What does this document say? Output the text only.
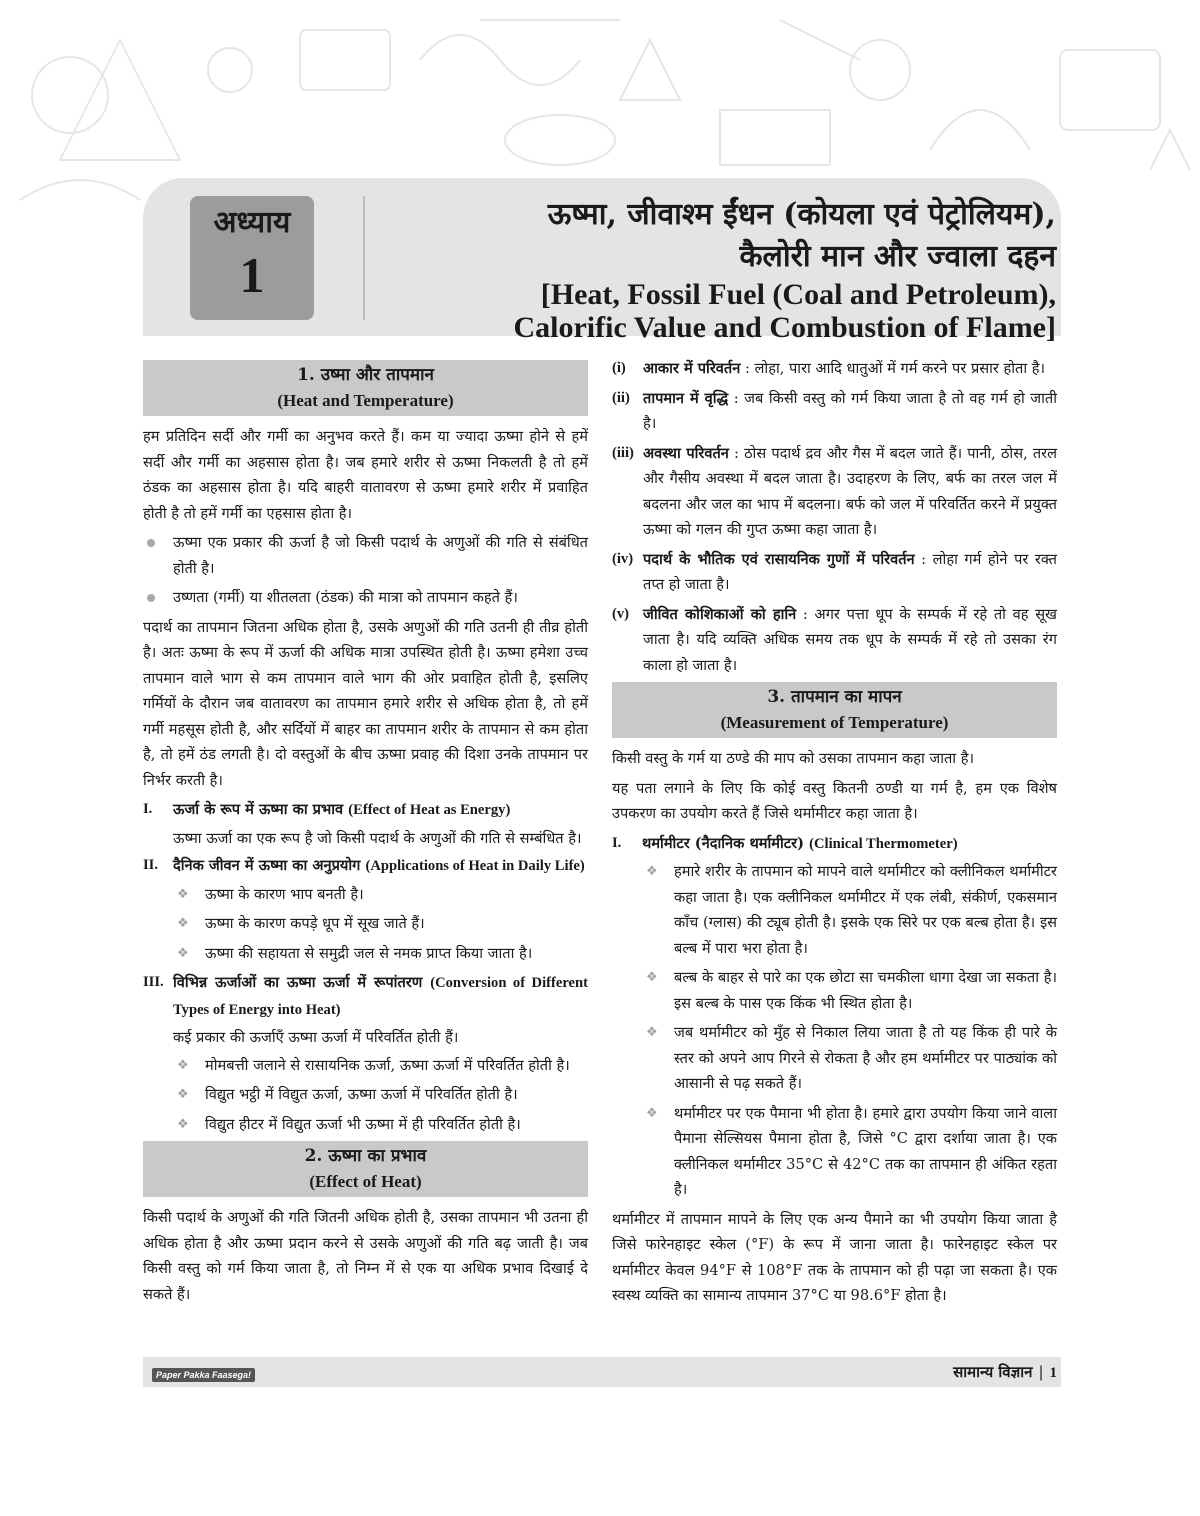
अध्याय
1
ऊष्मा, जीवाश्म ईंधन (कोयला एवं पेट्रोलियम),
कैलोरी मान और ज्वाला दहन
[Heat, Fossil Fuel (Coal and Petroleum),
Calorific Value and Combustion of Flame]
1. उष्मा और तापमान
(Heat and Temperature)

हम प्रतिदिन सर्दी और गर्मी का अनुभव करते हैं। कम या ज्यादा ऊष्मा होने से हमें सर्दी और गर्मी का अहसास होता है। जब हमारे शरीर से ऊष्मा निकलती है तो हमें ठंडक का अहसास होता है। यदि बाहरी वातावरण से ऊष्मा हमारे शरीर में प्रवाहित होती है तो हमें गर्मी का एहसास होता है।

ऊष्मा एक प्रकार की ऊर्जा है जो किसी पदार्थ के अणुओं की गति से संबंधित होती है।
उष्णता (गर्मी) या शीतलता (ठंडक) की मात्रा को तापमान कहते हैं।

पदार्थ का तापमान जितना अधिक होता है, उसके अणुओं की गति उतनी ही तीव्र होती है। अतः ऊष्मा के रूप में ऊर्जा की अधिक मात्रा उपस्थित होती है। ऊष्मा हमेशा उच्च तापमान वाले भाग से कम तापमान वाले भाग की ओर प्रवाहित होती है, इसलिए गर्मियों के दौरान जब वातावरण का तापमान हमारे शरीर से अधिक होता है, तो हमें गर्मी महसूस होती है, और सर्दियों में बाहर का तापमान शरीर के तापमान से कम होता है, तो हमें ठंड लगती है। दो वस्तुओं के बीच ऊष्मा प्रवाह की दिशा उनके तापमान पर निर्भर करती है।

I. ऊर्जा के रूप में ऊष्मा का प्रभाव (Effect of Heat as Energy)

ऊष्मा ऊर्जा का एक रूप है जो किसी पदार्थ के अणुओं की गति से सम्बंधित है।

II. दैनिक जीवन में ऊष्मा का अनुप्रयोग (Applications of Heat in Daily Life)
❖ ऊष्मा के कारण भाप बनती है।
❖ ऊष्मा के कारण कपड़े धूप में सूख जाते हैं।
❖ ऊष्मा की सहायता से समुद्री जल से नमक प्राप्त किया जाता है।
III. विभिन्न ऊर्जाओं का ऊष्मा ऊर्जा में रूपांतरण (Conversion of Different Types of Energy into Heat)

कई प्रकार की ऊर्जाएँ ऊष्मा ऊर्जा में परिवर्तित होती हैं।

❖ मोमबत्ती जलाने से रासायनिक ऊर्जा, ऊष्मा ऊर्जा में परिवर्तित होती है।
❖ विद्युत भट्ठी में विद्युत ऊर्जा, ऊष्मा ऊर्जा में परिवर्तित होती है।
❖ विद्युत हीटर में विद्युत ऊर्जा भी ऊष्मा में ही परिवर्तित होती है।
2. ऊष्मा का प्रभाव
(Effect of Heat)

किसी पदार्थ के अणुओं की गति जितनी अधिक होती है, उसका तापमान भी उतना ही अधिक होता है और ऊष्मा प्रदान करने से उसके अणुओं की गति बढ़ जाती है। जब किसी वस्तु को गर्म किया जाता है, तो निम्न में से एक या अधिक प्रभाव दिखाई दे सकते हैं।

(i) आकार में परिवर्तन : लोहा, पारा आदि धातुओं में गर्म करने पर प्रसार होता है।
(ii) तापमान में वृद्धि : जब किसी वस्तु को गर्म किया जाता है तो वह गर्म हो जाती है।
(iii) अवस्था परिवर्तन : ठोस पदार्थ द्रव और गैस में बदल जाते हैं। पानी, ठोस, तरल और गैसीय अवस्था में बदल जाता है। उदाहरण के लिए, बर्फ का तरल जल में बदलना और जल का भाप में बदलना। बर्फ को जल में परिवर्तित करने में प्रयुक्त ऊष्मा को गलन की गुप्त ऊष्मा कहा जाता है।
(iv) पदार्थ के भौतिक एवं रासायनिक गुणों में परिवर्तन : लोहा गर्म होने पर रक्त तप्त हो जाता है।
(v) जीवित कोशिकाओं को हानि : अगर पत्ता धूप के सम्पर्क में रहे तो वह सूख जाता है। यदि व्यक्ति अधिक समय तक धूप के सम्पर्क में रहे तो उसका रंग काला हो जाता है।
3. तापमान का मापन
(Measurement of Temperature)

किसी वस्तु के गर्म या ठण्डे की माप को उसका तापमान कहा जाता है।

यह पता लगाने के लिए कि कोई वस्तु कितनी ठण्डी या गर्म है, हम एक विशेष उपकरण का उपयोग करते हैं जिसे थर्मामीटर कहा जाता है।

I. थर्मामीटर (नैदानिक थर्मामीटर) (Clinical Thermometer)
❖ हमारे शरीर के तापमान को मापने वाले थर्मामीटर को क्लीनिकल थर्मामीटर कहा जाता है। एक क्लीनिकल थर्मामीटर में एक लंबी, संकीर्ण, एकसमान काँच (ग्लास) की ट्यूब होती है। इसके एक सिरे पर एक बल्ब होता है। इस बल्ब में पारा भरा होता है।
❖ बल्ब के बाहर से पारे का एक छोटा सा चमकीला धागा देखा जा सकता है। इस बल्ब के पास एक किंक भी स्थित होता है।
❖ जब थर्मामीटर को मुँह से निकाल लिया जाता है तो यह किंक ही पारे के स्तर को अपने आप गिरने से रोकता है और हम थर्मामीटर पर पाठ्यांक को आसानी से पढ़ सकते हैं।
❖ थर्मामीटर पर एक पैमाना भी होता है। हमारे द्वारा उपयोग किया जाने वाला पैमाना सेल्सियस पैमाना होता है, जिसे °C द्वारा दर्शाया जाता है। एक क्लीनिकल थर्मामीटर 35°C से 42°C तक का तापमान ही अंकित रहता है।

थर्मामीटर में तापमान मापने के लिए एक अन्य पैमाने का भी उपयोग किया जाता है जिसे फारेनहाइट स्केल (°F) के रूप में जाना जाता है। फारेनहाइट स्केल पर थर्मामीटर केवल 94°F से 108°F तक के तापमान को ही पढ़ा जा सकता है। एक स्वस्थ व्यक्ति का सामान्य तापमान 37°C या 98.6°F होता है।

Paper Pakka Faasega!	सामान्य विज्ञान | 1
